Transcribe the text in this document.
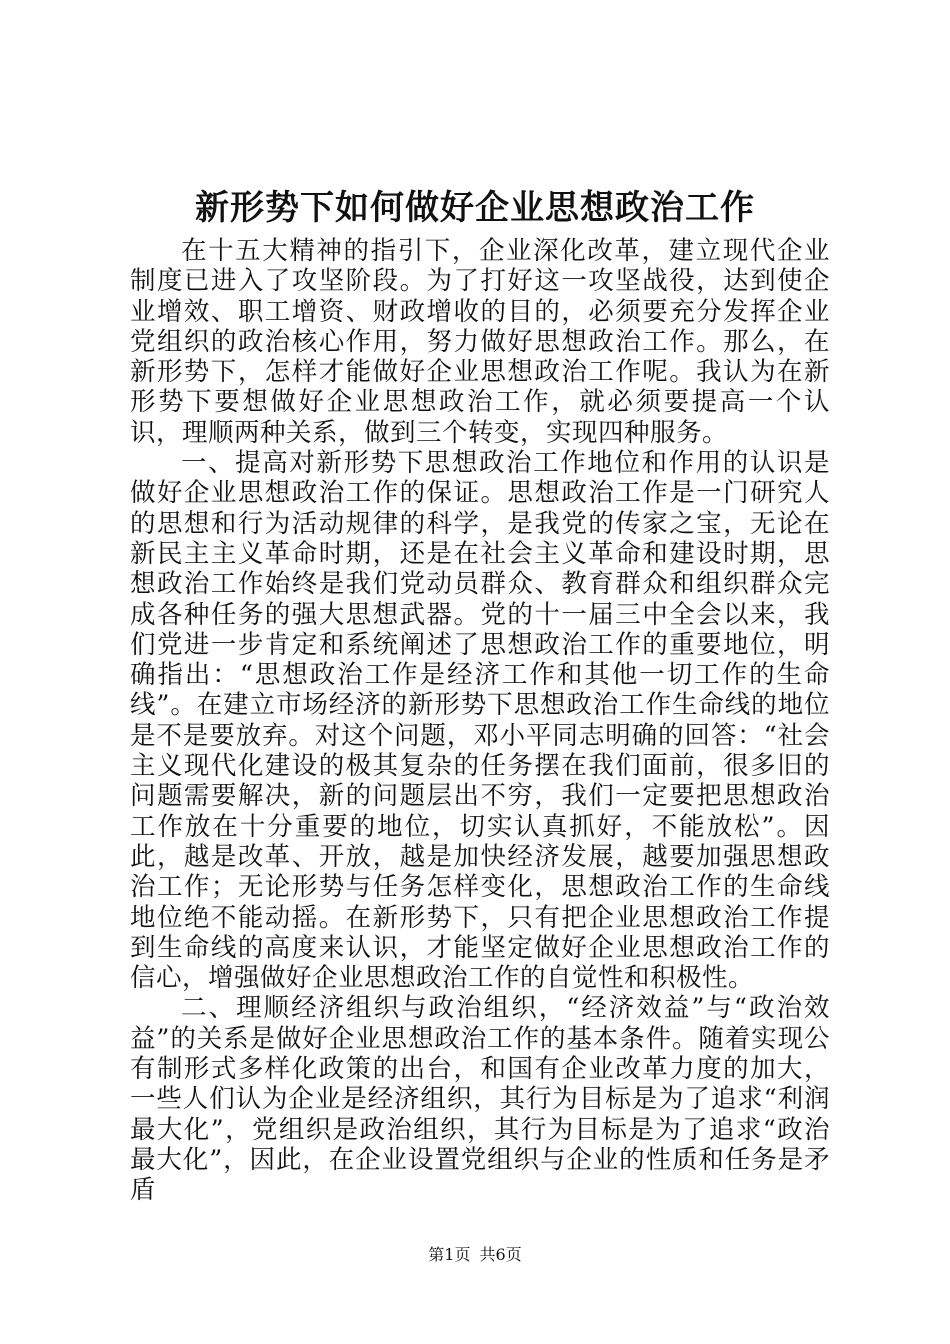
新形势下如何做好企业思想政治工作

在十五大精神的指引下，企业深化改革，建立现代企业制度已进入了攻坚阶段。为了打好这一攻坚战役，达到使企业增效、职工增资、财政增收的目的，必须要充分发挥企业党组织的政治核心作用，努力做好思想政治工作。那么，在新形势下，怎样才能做好企业思想政治工作呢。我认为在新形势下要想做好企业思想政治工作，就必须要提高一个认识，理顺两种关系，做到三个转变，实现四种服务。

一、提高对新形势下思想政治工作地位和作用的认识是做好企业思想政治工作的保证。思想政治工作是一门研究人的思想和行为活动规律的科学，是我党的传家之宝，无论在新民主主义革命时期，还是在社会主义革命和建设时期，思想政治工作始终是我们党动员群众、教育群众和组织群众完成各种任务的强大思想武器。党的十一届三中全会以来，我们党进一步肯定和系统阐述了思想政治工作的重要地位，明确指出：“思想政治工作是经济工作和其他一切工作的生命线”。在建立市场经济的新形势下思想政治工作生命线的地位是不是要放弃。对这个问题，邓小平同志明确的回答：“社会主义现代化建设的极其复杂的任务摆在我们面前，很多旧的问题需要解决，新的问题层出不穷，我们一定要把思想政治工作放在十分重要的地位，切实认真抓好，不能放松”。因此，越是改革、开放，越是加快经济发展，越要加强思想政治工作；无论形势与任务怎样变化，思想政治工作的生命线地位绝不能动摇。在新形势下，只有把企业思想政治工作提到生命线的高度来认识，才能坚定做好企业思想政治工作的信心，增强做好企业思想政治工作的自觉性和积极性。

二、理顺经济组织与政治组织，“经济效益”与“政治效益”的关系是做好企业思想政治工作的基本条件。随着实现公有制形式多样化政策的出台，和国有企业改革力度的加大，一些人们认为企业是经济组织，其行为目标是为了追求“利润最大化”，党组织是政治组织，其行为目标是为了追求“政治最大化”，因此，在企业设置党组织与企业的性质和任务是矛盾

第1页 共6页
